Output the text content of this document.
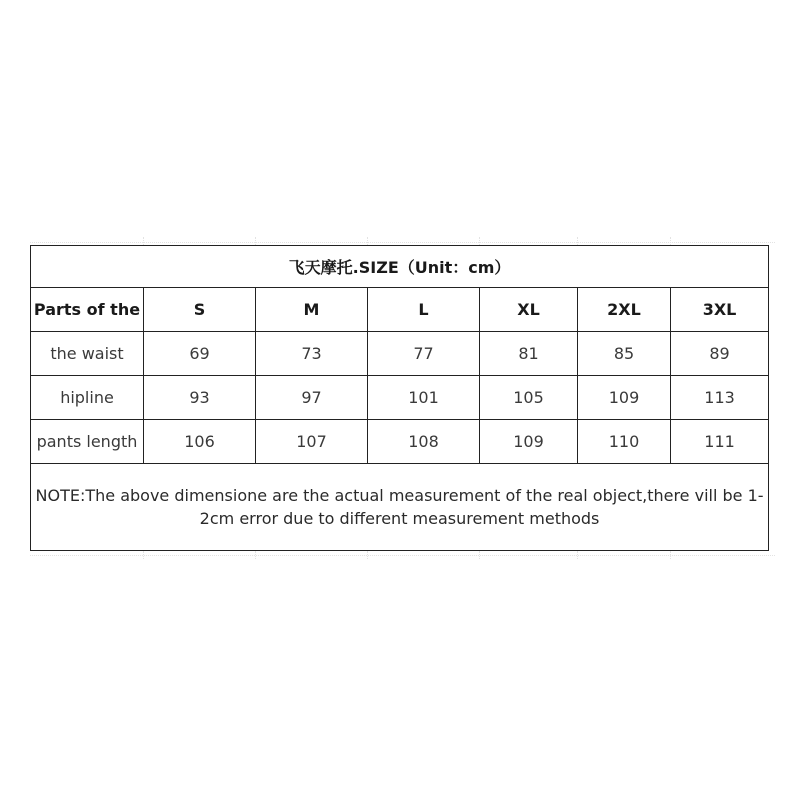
飞天摩托.SIZE（Unit：cm）						
Parts of the	S	M	L	XL	2XL	3XL
the waist	69	73	77	81	85	89
hipline	93	97	101	105	109	113
pants length	106	107	108	109	110	111
NOTE:The above dimensione are the actual measurement of the real object,there vill be 1-2cm error due to different measurement methods						
